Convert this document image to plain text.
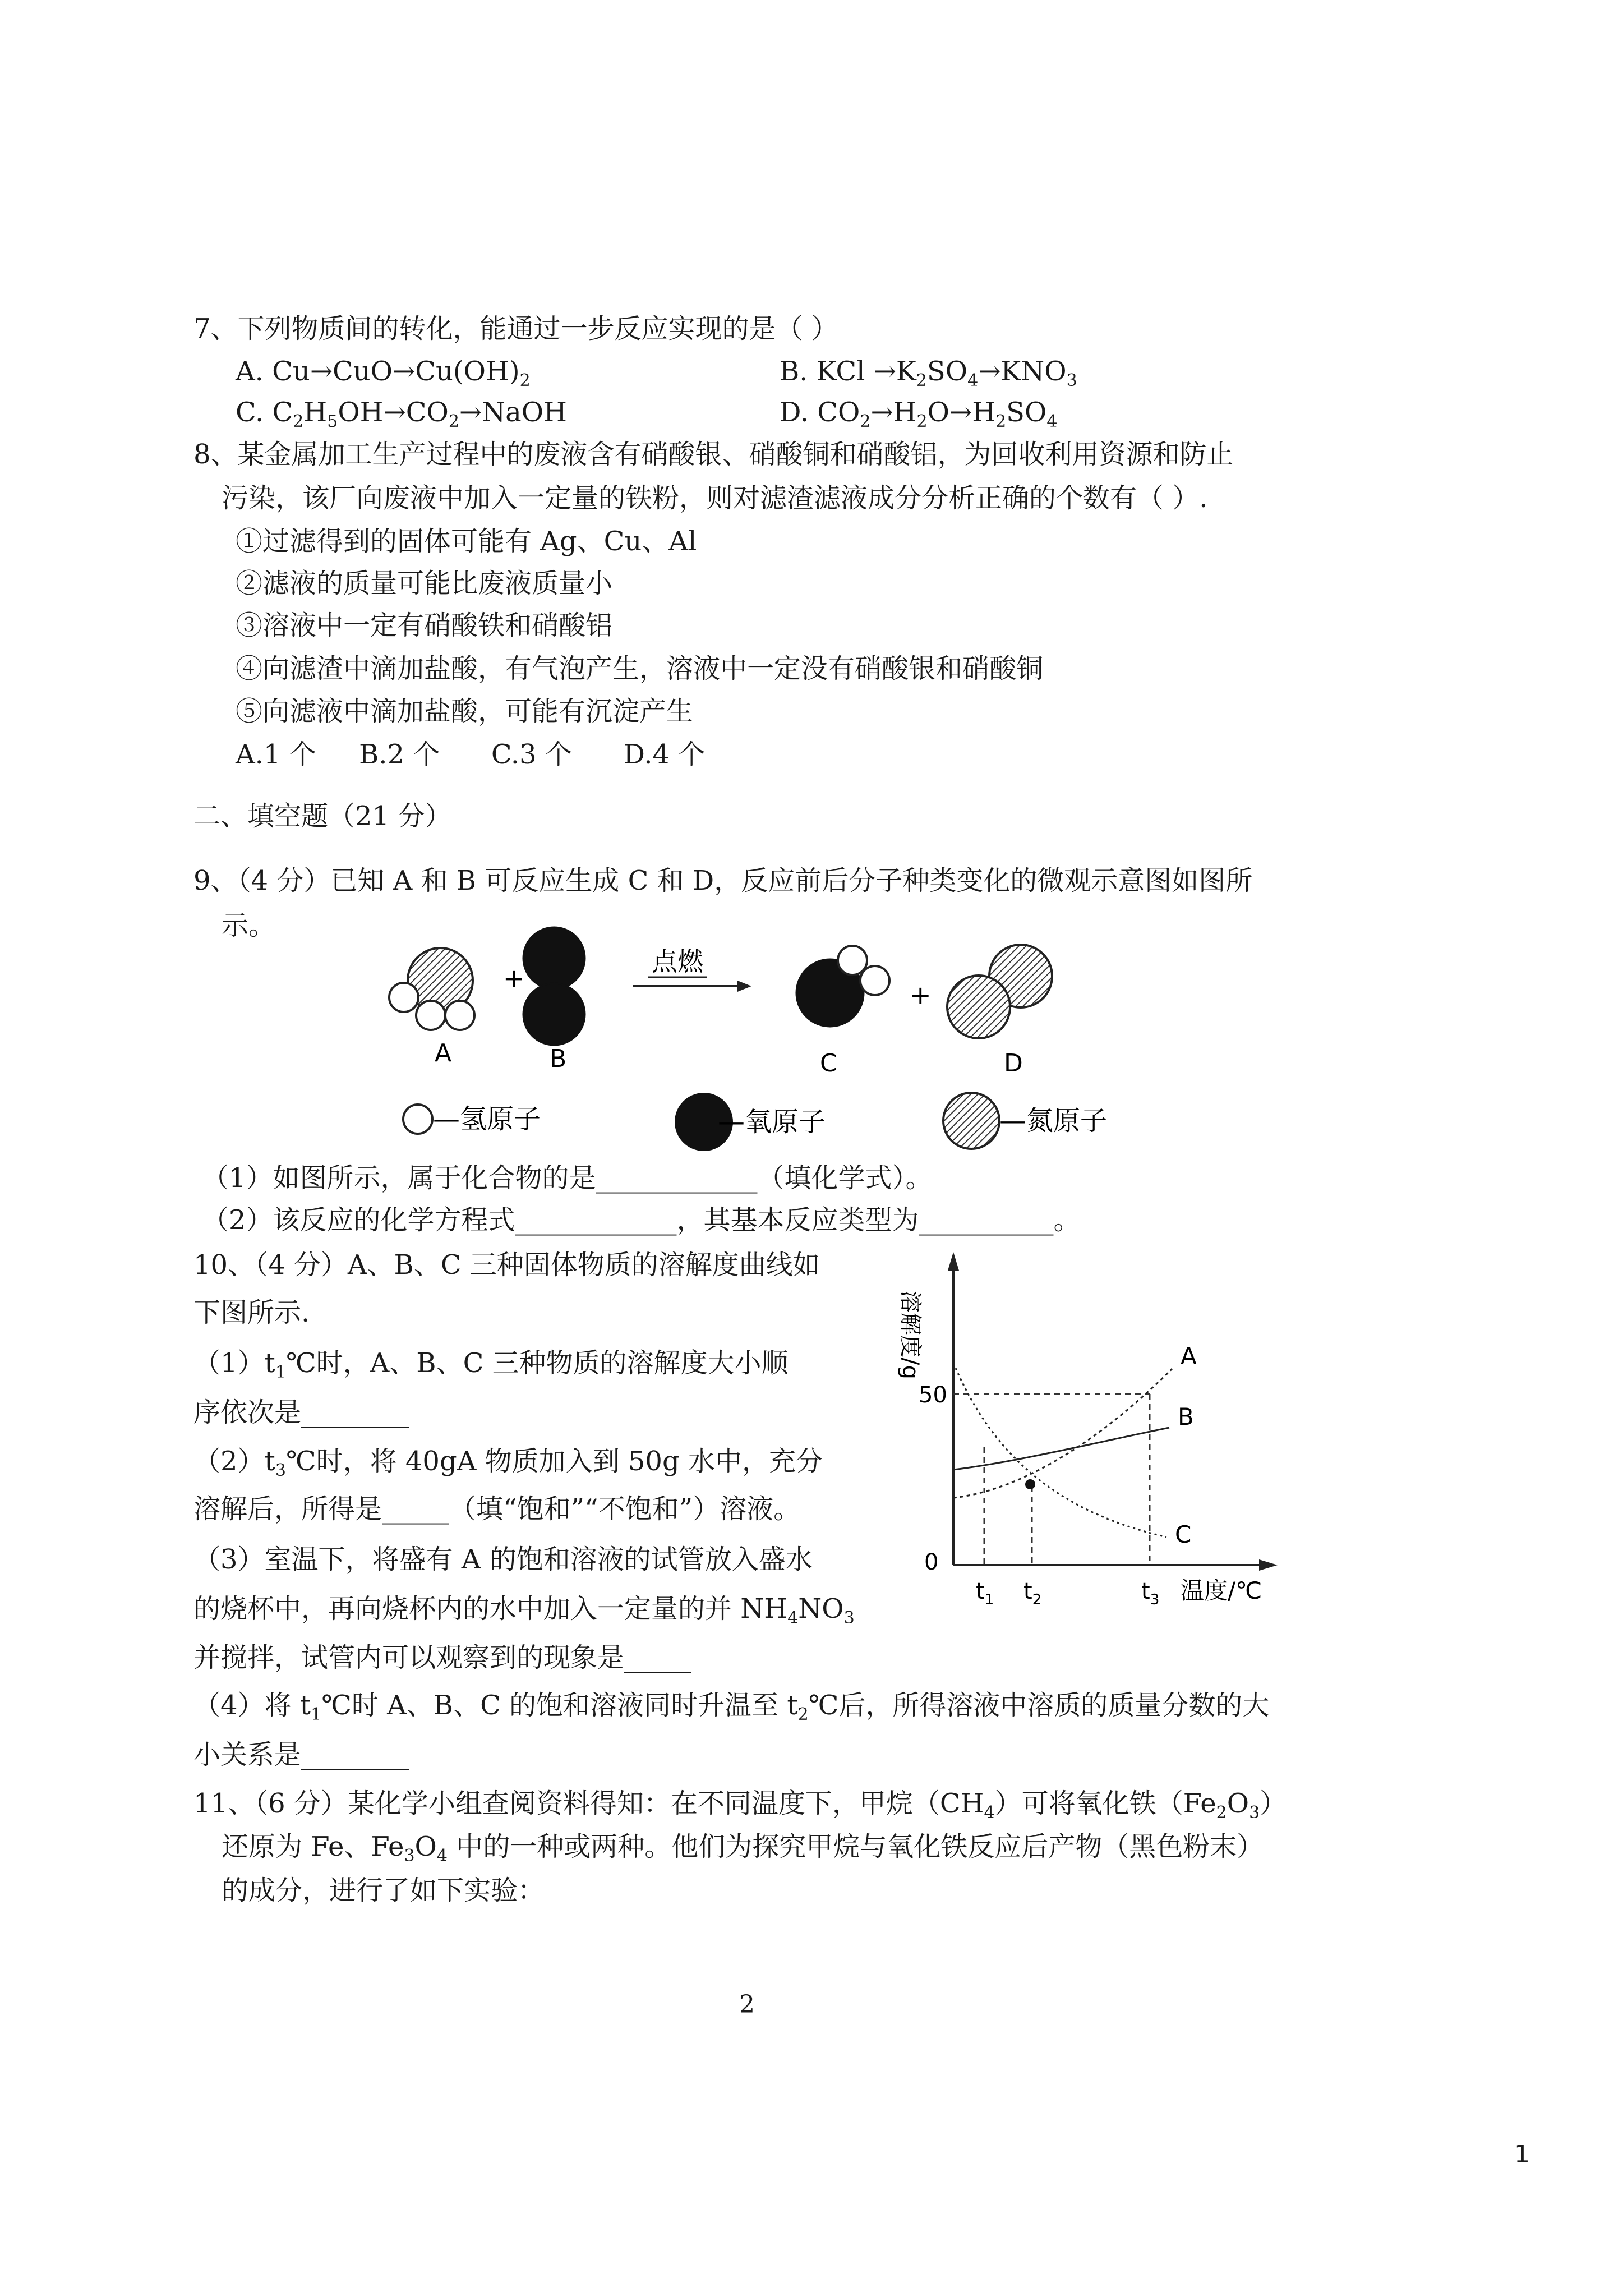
7、下列物质间的转化，能通过一步反应实现的是（ ）
A. $Cu\to CuO\to Cu(OH)_2$	B. KCl $\to K_2SO_4\to KNO_3$
C. $C_2H_5OH\to CO_2\to NaOH$	D. $CO_2\to H_2O\to H_2SO_4$
8、某金属加工生产过程中的废液含有硝酸银、硝酸铜和硝酸铝，为回收利用资源和防止
污染，该厂向废液中加入一定量的铁粉，则对滤渣滤液成分分析正确的个数有（ ）.
①过滤得到的固体可能有 Ag、Cu、Al
②滤液的质量可能比废液质量小
③溶液中一定有硝酸铁和硝酸铝
④向滤渣中滴加盐酸，有气泡产生，溶液中一定没有硝酸银和硝酸铜
⑤向滤液中滴加盐酸，可能有沉淀产生
A.1 个     B.2 个      C.3 个      D.4 个
二、填空题（21 分）
9、（4 分）已知 A 和 B 可反应生成 C 和 D，反应前后分子种类变化的微观示意图如图所
示。
+
点燃
+
A	B	C	D
—氢原子	—氧原子	—氮原子
（1）如图所示，属于化合物的是____________（填化学式）。
（2）该反应的化学方程式____________，其基本反应类型为__________。
10、（4 分）A、B、C 三种固体物质的溶解度曲线如
下图所示.
$(1)t_1℃$时，A、B、C 三种物质的溶解度大小顺
序依次是________
$(2)t_3℃$时，将 40gA 物质加入到 50g 水中，充分
溶解后，所得是_____（填“饱和”“不饱和”）溶液。
（3）室温下，将盛有 A 的饱和溶液的试管放入盛水
的烧杯中，再向烧杯内的水中加入一定量的并 $NH_4NO_3$
并搅拌，试管内可以观察到的现象是_____
（4）将 $t_1℃$时 A、B、C 的饱和溶液同时升温至 $t_2℃$后，所得溶液中溶质的质量分数的大
小关系是________
溶解度/g
50
0
A
B
C
$t_1$ $t_2$	$t_3$ 温度/℃
11、（6 分）某化学小组查阅资料得知：在不同温度下，甲烷$(CH_4)$可将氧化铁$(Fe_2O_3)$
还原为 Fe、$Fe_3O_4$ 中的一种或两种。他们为探究甲烷与氧化铁反应后产物（黑色粉末）
的成分，进行了如下实验：
2
1
